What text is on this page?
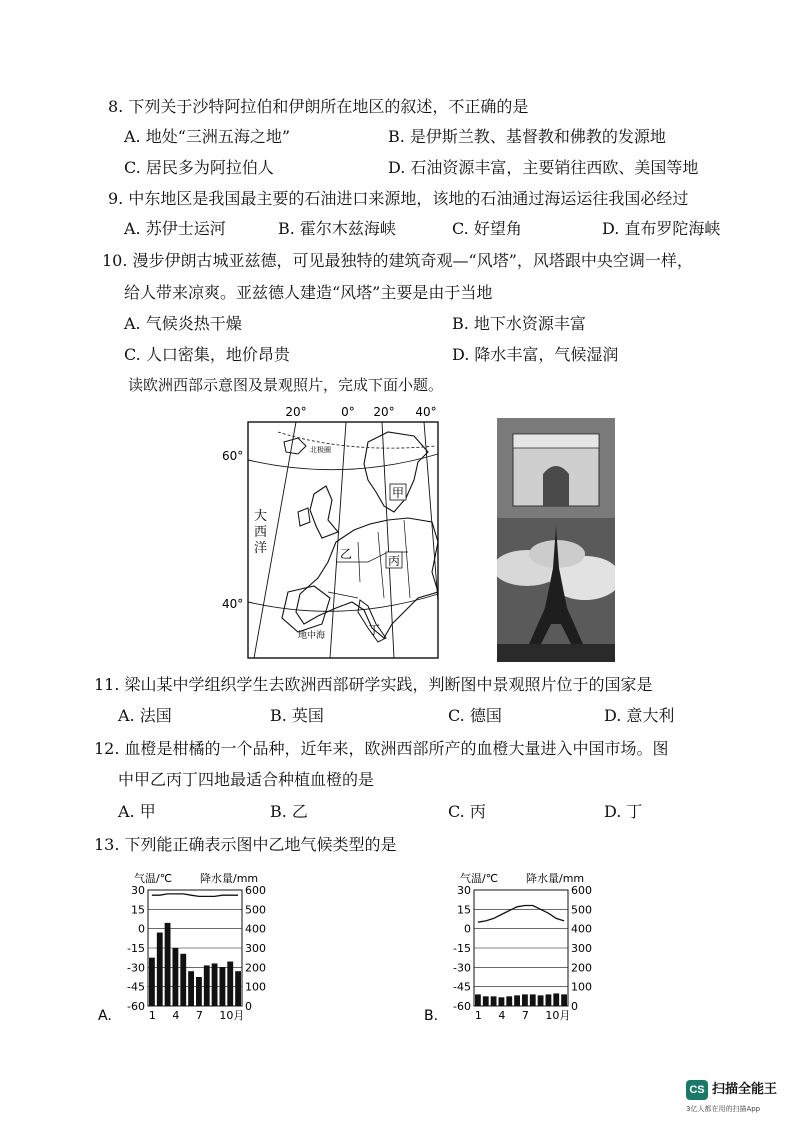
8. 下列关于沙特阿拉伯和伊朗所在地区的叙述，不正确的是
A. 地处“三洲五海之地”	B. 是伊斯兰教、基督教和佛教的发源地
C. 居民多为阿拉伯人	D. 石油资源丰富，主要销往西欧、美国等地
9. 中东地区是我国最主要的石油进口来源地，该地的石油通过海运运往我国必经过
A. 苏伊士运河	B. 霍尔木兹海峡	C. 好望角	D. 直布罗陀海峡
10. 漫步伊朗古城亚兹德，可见最独特的建筑奇观—“风塔”，风塔跟中央空调一样，
给人带来凉爽。亚兹德人建造“风塔”主要是由于当地
A. 气候炎热干燥	B. 地下水资源丰富
C. 人口密集，地价昂贵	D. 降水丰富，气候湿润
读欧洲西部示意图及景观照片，完成下面小题。
20°	0° 20° 40°
60°
40°
大
西
洋
地中海
北极圈
甲
乙	丙
丁
11. 梁山某中学组织学生去欧洲西部研学实践，判断图中景观照片位于的国家是
A. 法国	B. 英国	C. 德国	D. 意大利
12. 血橙是柑橘的一个品种，近年来，欧洲西部所产的血橙大量进入中国市场。图
中甲乙丙丁四地最适合种植血橙的是
A. 甲	B. 乙	C. 丙	D. 丁
13. 下列能正确表示图中乙地气候类型的是
气温/℃	降水量/mm
30	600
15	500
0	400
-15	300
-30	200
-45	100
-60	0
1 4 7 10月
A.
气温/℃	降水量/mm
30	600
15	500
0	400
-15	300
-30	200
-45	100
-60	0
1 4 7 10月
B.
CS 扫描全能王
3亿人都在用的扫描App
